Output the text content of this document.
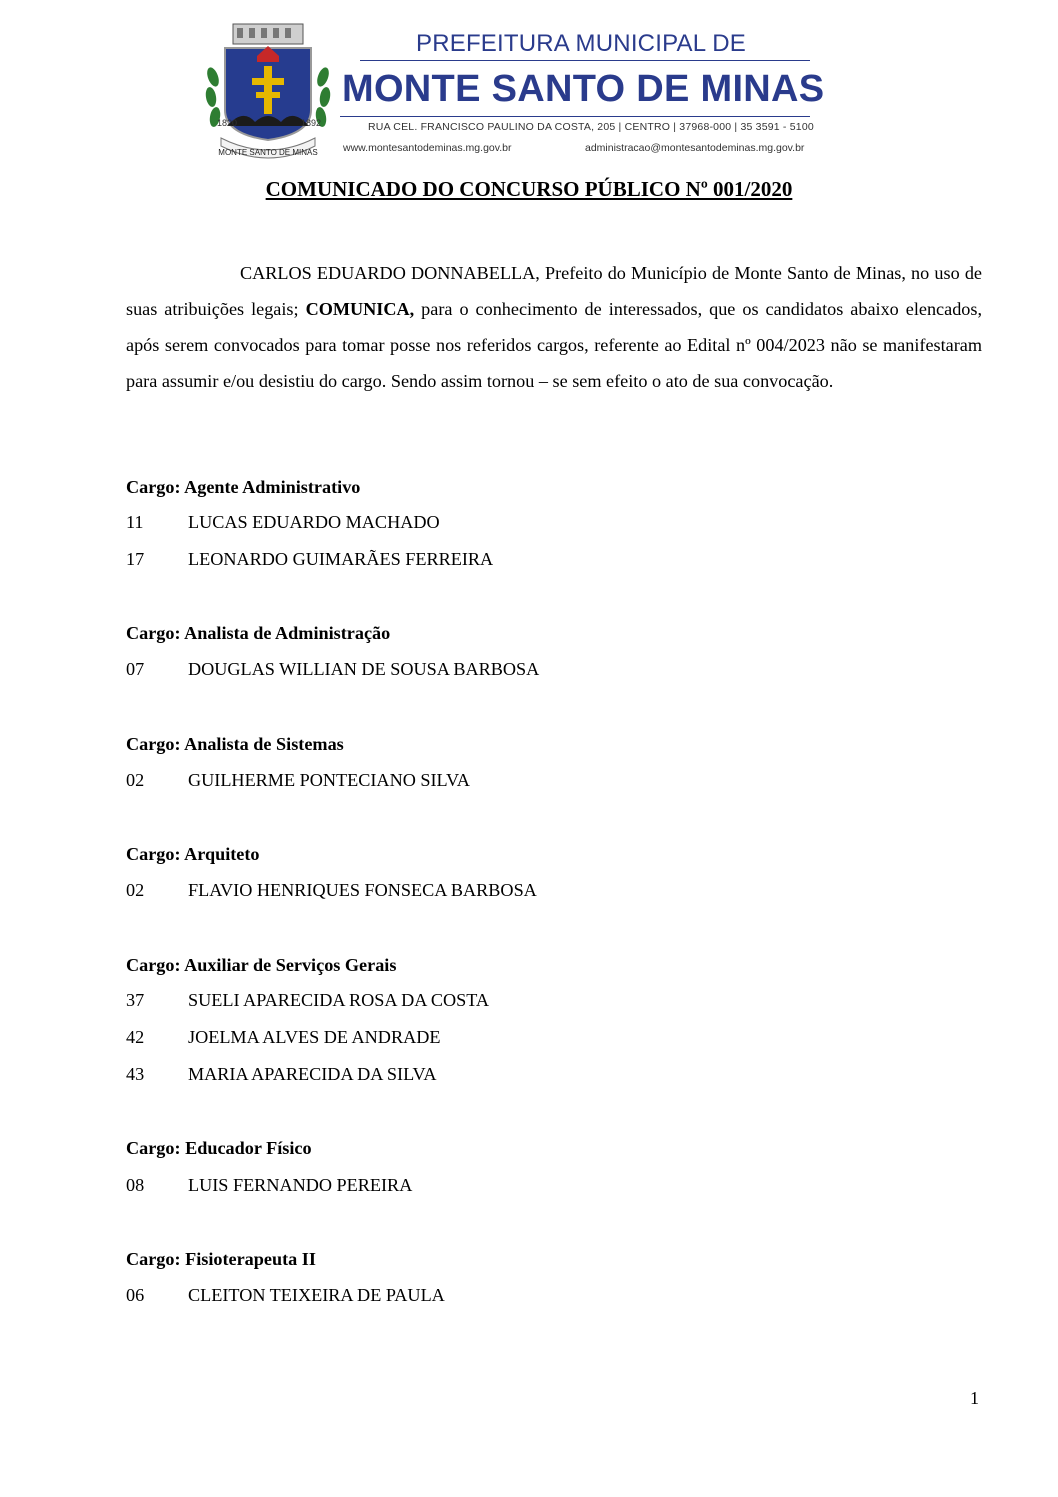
1820	1892
MONTE SANTO DE MINAS
PREFEITURA MUNICIPAL DE
MONTE SANTO DE MINAS
RUA CEL. FRANCISCO PAULINO DA COSTA, 205 | CENTRO | 37968-000 | 35 3591 - 5100
www.montesantodeminas.mg.gov.br	administracao@montesantodeminas.mg.gov.br
COMUNICADO DO CONCURSO PÚBLICO Nº 001/2020
CARLOS EDUARDO DONNABELLA, Prefeito do Município de Monte Santo de Minas, no uso de suas atribuições legais; COMUNICA, para o conhecimento de interessados, que os candidatos abaixo elencados, após serem convocados para tomar posse nos referidos cargos, referente ao Edital nº 004/2023 não se manifestaram para assumir e/ou desistiu do cargo. Sendo assim tornou – se sem efeito o ato de sua convocação.
Cargo: Agente Administrativo
11 LUCAS EDUARDO MACHADO
17 LEONARDO GUIMARÃES FERREIRA
Cargo: Analista de Administração
07 DOUGLAS WILLIAN DE SOUSA BARBOSA
Cargo: Analista de Sistemas
02 GUILHERME PONTECIANO SILVA
Cargo: Arquiteto
02 FLAVIO HENRIQUES FONSECA BARBOSA
Cargo: Auxiliar de Serviços Gerais
37 SUELI APARECIDA ROSA DA COSTA
42 JOELMA ALVES DE ANDRADE
43 MARIA APARECIDA DA SILVA
Cargo: Educador Físico
08 LUIS FERNANDO PEREIRA
Cargo: Fisioterapeuta II
06 CLEITON TEIXEIRA DE PAULA
1
